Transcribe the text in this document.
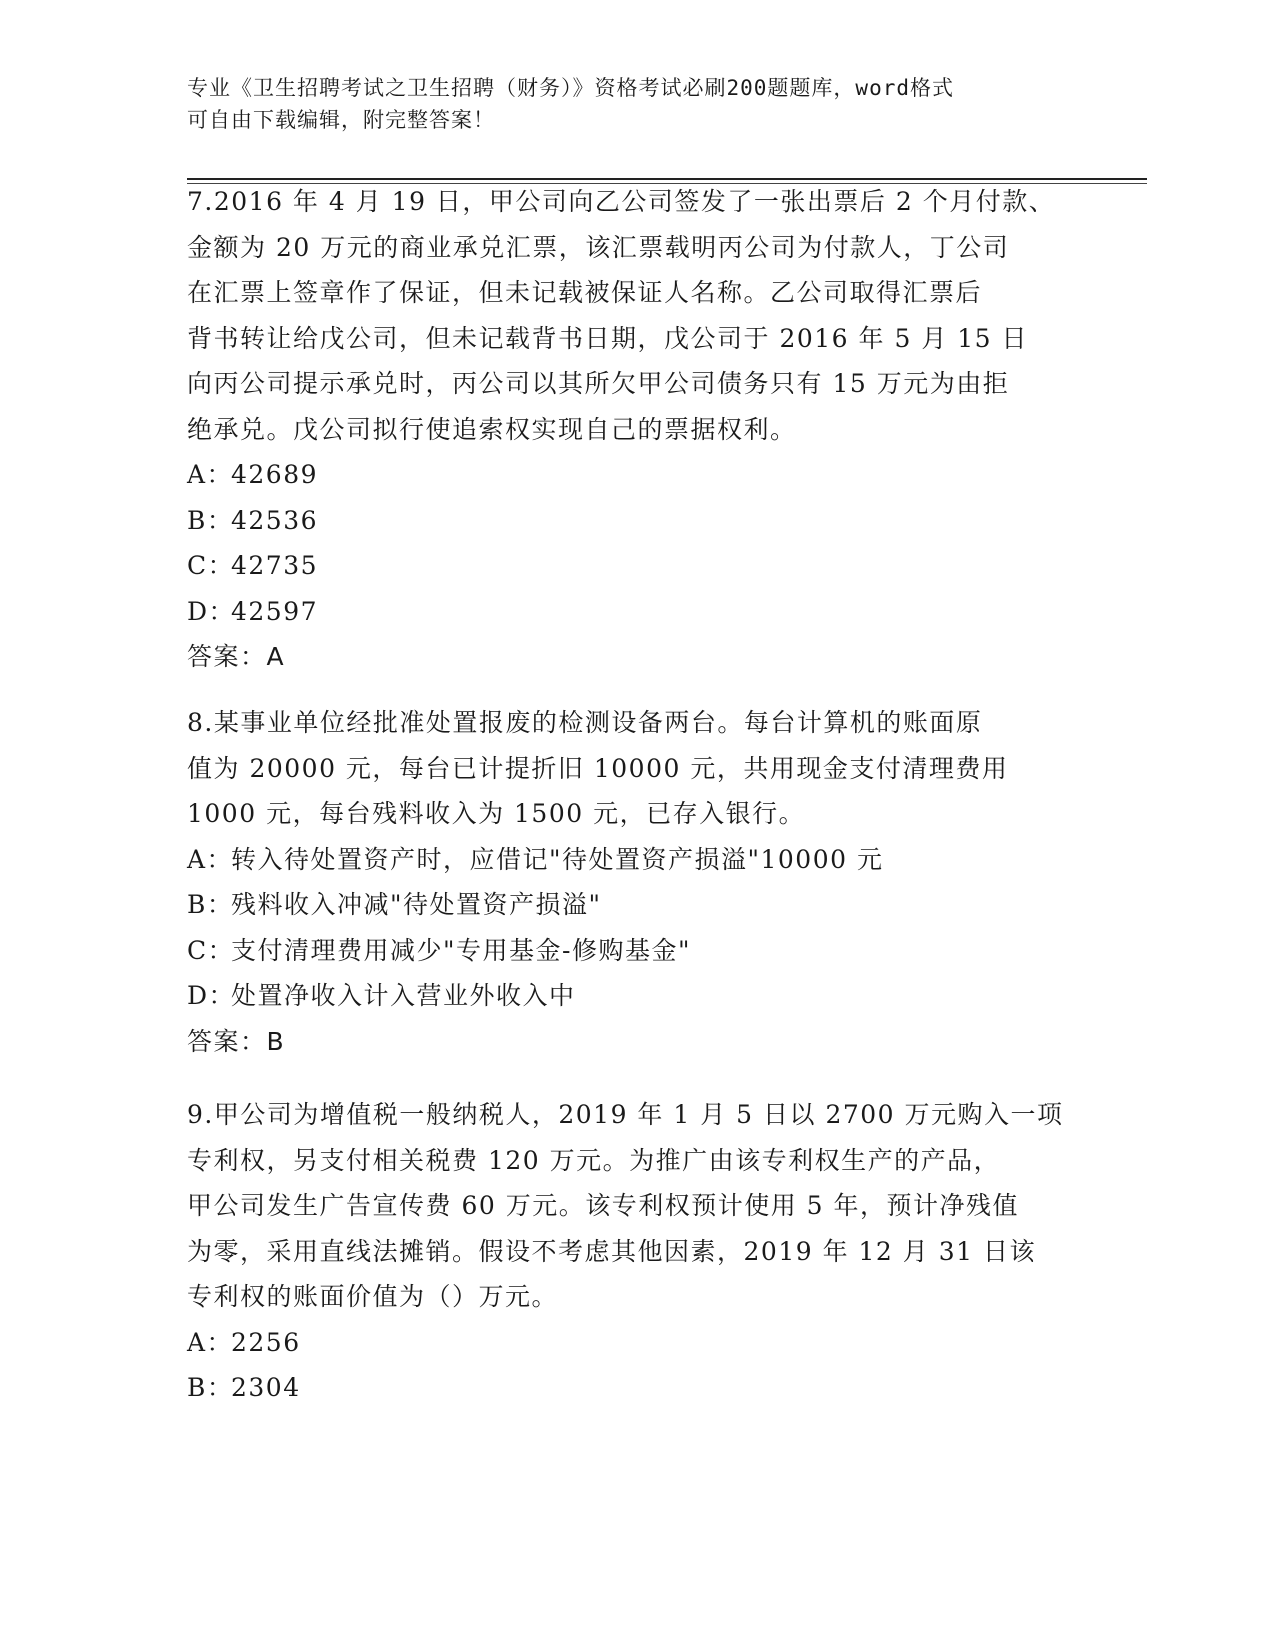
专业《卫生招聘考试之卫生招聘（财务）》资格考试必刷200题题库，word格式
可自由下载编辑，附完整答案！
7.2016 年 4 月 19 日，甲公司向乙公司签发了一张出票后 2 个月付款、
金额为 20 万元的商业承兑汇票，该汇票载明丙公司为付款人，丁公司
在汇票上签章作了保证，但未记载被保证人名称。乙公司取得汇票后
背书转让给戊公司，但未记载背书日期，戊公司于 2016 年 5 月 15 日
向丙公司提示承兑时，丙公司以其所欠甲公司债务只有 15 万元为由拒
绝承兑。戊公司拟行使追索权实现自己的票据权利。
A：42689
B：42536
C：42735
D：42597
答案：A
8.某事业单位经批准处置报废的检测设备两台。每台计算机的账面原
值为 20000 元，每台已计提折旧 10000 元，共用现金支付清理费用
1000 元，每台残料收入为 1500 元，已存入银行。
A：转入待处置资产时，应借记"待处置资产损溢"10000 元
B：残料收入冲减"待处置资产损溢"
C：支付清理费用减少"专用基金-修购基金"
D：处置净收入计入营业外收入中
答案：B
9.甲公司为增值税一般纳税人，2019 年 1 月 5 日以 2700 万元购入一项
专利权，另支付相关税费 120 万元。为推广由该专利权生产的产品，
甲公司发生广告宣传费 60 万元。该专利权预计使用 5 年，预计净残值
为零，采用直线法摊销。假设不考虑其他因素，2019 年 12 月 31 日该
专利权的账面价值为（）万元。
A：2256
B：2304
